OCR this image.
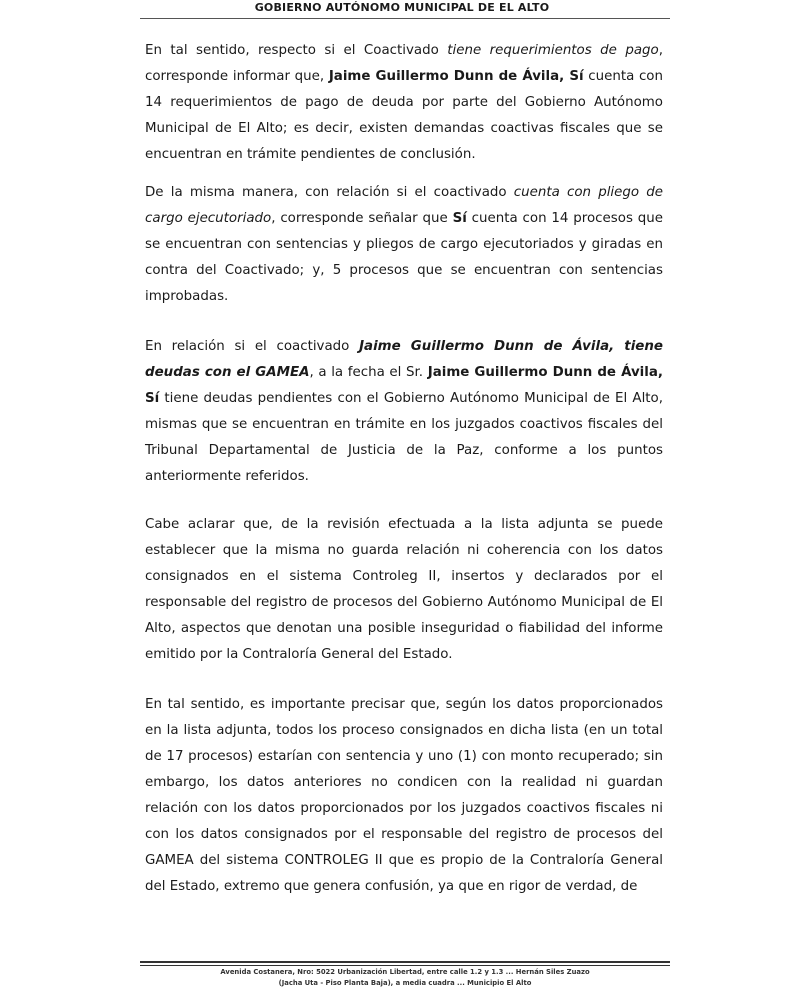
GOBIERNO AUTÓNOMO MUNICIPAL DE EL ALTO

En tal sentido, respecto si el Coactivado tiene requerimientos de pago, corresponde informar que, Jaime Guillermo Dunn de Ávila, Sí cuenta con 14 requerimientos de pago de deuda por parte del Gobierno Autónomo Municipal de El Alto; es decir, existen demandas coactivas fiscales que se encuentran en trámite pendientes de conclusión.

De la misma manera, con relación si el coactivado cuenta con pliego de cargo ejecutoriado, corresponde señalar que Sí cuenta con 14 procesos que se encuentran con sentencias y pliegos de cargo ejecutoriados y giradas en contra del Coactivado; y, 5 procesos que se encuentran con sentencias improbadas.

En relación si el coactivado Jaime Guillermo Dunn de Ávila, tiene deudas con el GAMEA, a la fecha el Sr. Jaime Guillermo Dunn de Ávila, Sí tiene deudas pendientes con el Gobierno Autónomo Municipal de El Alto, mismas que se encuentran en trámite en los juzgados coactivos fiscales del Tribunal Departamental de Justicia de la Paz, conforme a los puntos anteriormente referidos.

Cabe aclarar que, de la revisión efectuada a la lista adjunta se puede establecer que la misma no guarda relación ni coherencia con los datos consignados en el sistema Controleg II, insertos y declarados por el responsable del registro de procesos del Gobierno Autónomo Municipal de El Alto, aspectos que denotan una posible inseguridad o fiabilidad del informe emitido por la Contraloría General del Estado.

En tal sentido, es importante precisar que, según los datos proporcionados en la lista adjunta, todos los proceso consignados en dicha lista (en un total de 17 procesos) estarían con sentencia y uno (1) con monto recuperado; sin embargo, los datos anteriores no condicen con la realidad ni guardan relación con los datos proporcionados por los juzgados coactivos fiscales ni con los datos consignados por el responsable del registro de procesos del GAMEA del sistema CONTROLEG II que es propio de la Contraloría General del Estado, extremo que genera confusión, ya que en rigor de verdad, de

Avenida Costanera, Nro: 5022 Urbanización Libertad, entre calle 1.2 y 1.3 ... Hernán Siles Zuazo
(Jacha Uta - Piso Planta Baja), a media cuadra ... Municipio El Alto
